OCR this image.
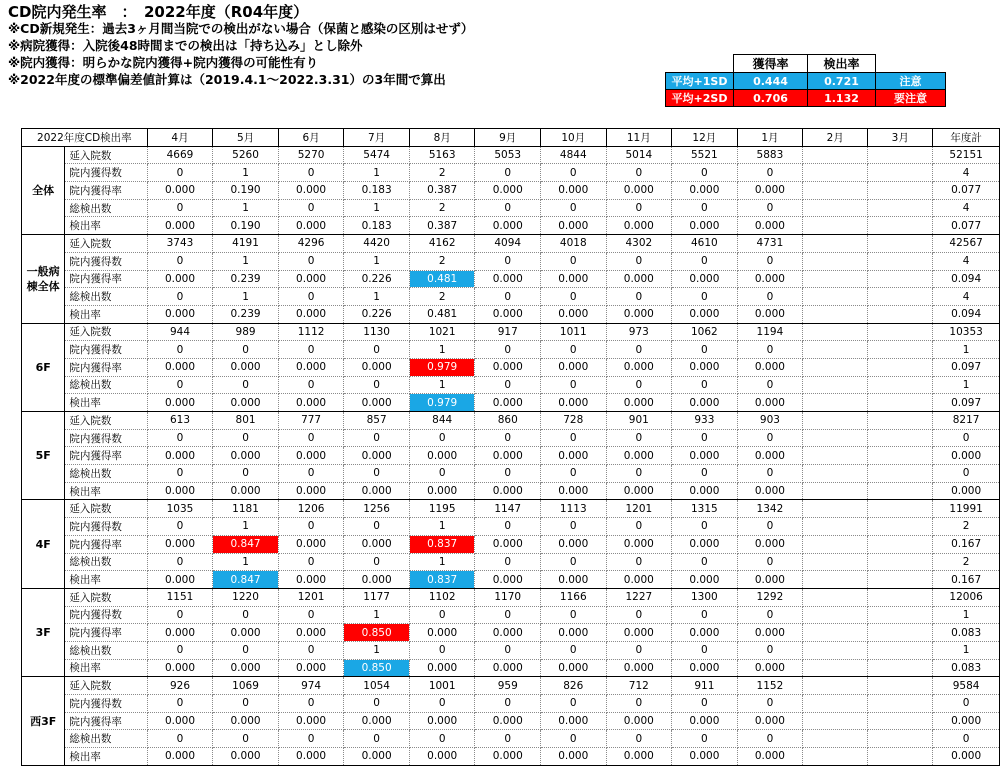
CD院内発生率　：　2022年度（R04年度）
※CD新規発生：過去3ヶ月間当院での検出がない場合（保菌と感染の区別はせず）
※病院獲得：入院後48時間までの検出は「持ち込み」とし除外
※院内獲得：明らかな院内獲得+院内獲得の可能性有り
※2022年度の標準偏差値計算は（2019.4.1～2022.3.31）の3年間で算出
	獲得率	検出率	
平均+1SD	0.444	0.721	注意
平均+2SD	0.706	1.132	要注意
2022年度CD検出率		4月	5月	6月	7月	8月	9月	10月	11月	12月	1月	2月	3月	年度計
全体	延入院数	4669	5260	5270	5474	5163	5053	4844	5014	5521	5883			52151
	院内獲得数	0	1	0	1	2	0	0	0	0	0			4
	院内獲得率	0.000	0.190	0.000	0.183	0.387	0.000	0.000	0.000	0.000	0.000			0.077
	総検出数	0	1	0	1	2	0	0	0	0	0			4
	検出率	0.000	0.190	0.000	0.183	0.387	0.000	0.000	0.000	0.000	0.000			0.077
一般病
棟全体	延入院数	3743	4191	4296	4420	4162	4094	4018	4302	4610	4731			42567
	院内獲得数	0	1	0	1	2	0	0	0	0	0			4
	院内獲得率	0.000	0.239	0.000	0.226	0.481	0.000	0.000	0.000	0.000	0.000			0.094
	総検出数	0	1	0	1	2	0	0	0	0	0			4
	検出率	0.000	0.239	0.000	0.226	0.481	0.000	0.000	0.000	0.000	0.000			0.094
6F	延入院数	944	989	1112	1130	1021	917	1011	973	1062	1194			10353
	院内獲得数	0	0	0	0	1	0	0	0	0	0			1
	院内獲得率	0.000	0.000	0.000	0.000	0.979	0.000	0.000	0.000	0.000	0.000			0.097
	総検出数	0	0	0	0	1	0	0	0	0	0			1
	検出率	0.000	0.000	0.000	0.000	0.979	0.000	0.000	0.000	0.000	0.000			0.097
5F	延入院数	613	801	777	857	844	860	728	901	933	903			8217
	院内獲得数	0	0	0	0	0	0	0	0	0	0			0
	院内獲得率	0.000	0.000	0.000	0.000	0.000	0.000	0.000	0.000	0.000	0.000			0.000
	総検出数	0	0	0	0	0	0	0	0	0	0			0
	検出率	0.000	0.000	0.000	0.000	0.000	0.000	0.000	0.000	0.000	0.000			0.000
4F	延入院数	1035	1181	1206	1256	1195	1147	1113	1201	1315	1342			11991
	院内獲得数	0	1	0	0	1	0	0	0	0	0			2
	院内獲得率	0.000	0.847	0.000	0.000	0.837	0.000	0.000	0.000	0.000	0.000			0.167
	総検出数	0	1	0	0	1	0	0	0	0	0			2
	検出率	0.000	0.847	0.000	0.000	0.837	0.000	0.000	0.000	0.000	0.000			0.167
3F	延入院数	1151	1220	1201	1177	1102	1170	1166	1227	1300	1292			12006
	院内獲得数	0	0	0	1	0	0	0	0	0	0			1
	院内獲得率	0.000	0.000	0.000	0.850	0.000	0.000	0.000	0.000	0.000	0.000			0.083
	総検出数	0	0	0	1	0	0	0	0	0	0			1
	検出率	0.000	0.000	0.000	0.850	0.000	0.000	0.000	0.000	0.000	0.000			0.083
西3F	延入院数	926	1069	974	1054	1001	959	826	712	911	1152			9584
	院内獲得数	0	0	0	0	0	0	0	0	0	0			0
	院内獲得率	0.000	0.000	0.000	0.000	0.000	0.000	0.000	0.000	0.000	0.000			0.000
	総検出数	0	0	0	0	0	0	0	0	0	0			0
	検出率	0.000	0.000	0.000	0.000	0.000	0.000	0.000	0.000	0.000	0.000			0.000
